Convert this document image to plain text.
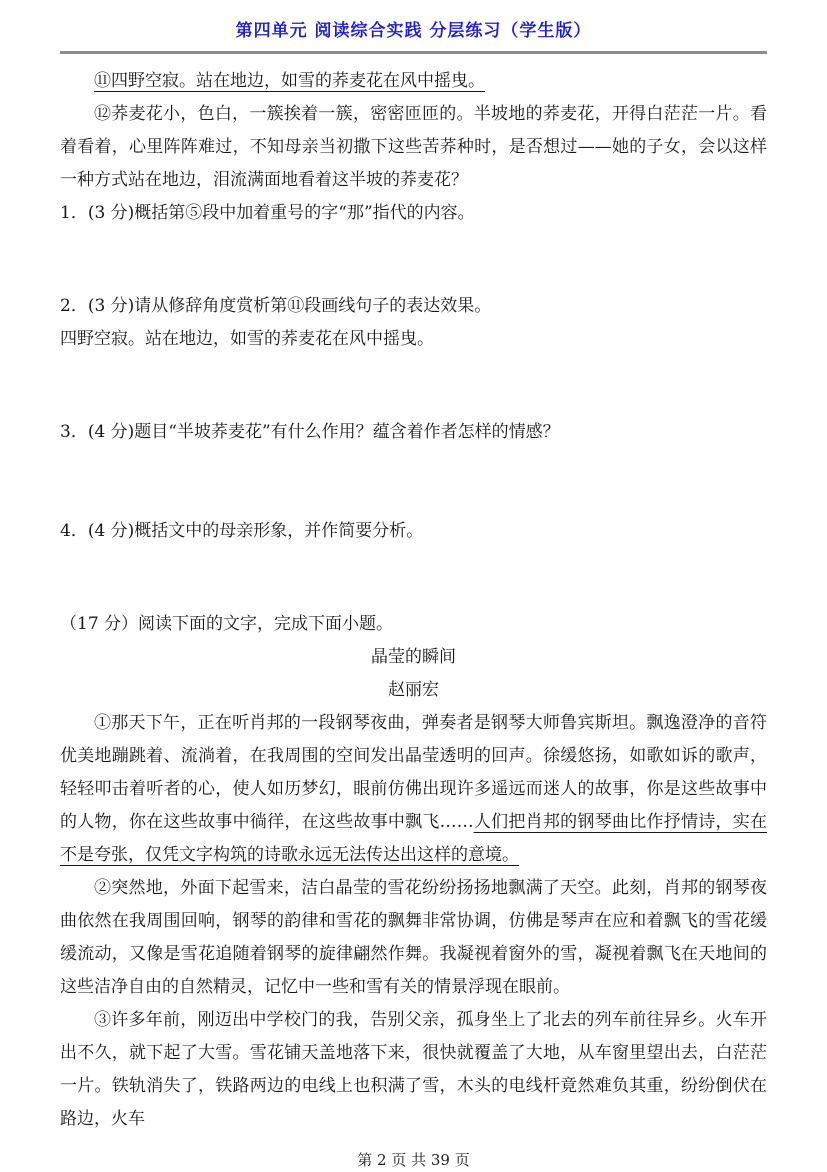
第四单元 阅读综合实践 分层练习（学生版）

⑪四野空寂。站在地边，如雪的荞麦花在风中摇曳。

⑫荞麦花小，色白，一簇挨着一簇，密密匝匝的。半坡地的荞麦花，开得白茫茫一片。看着看着，心里阵阵难过，不知母亲当初撒下这些苦荞种时，是否想过——她的子女，会以这样一种方式站在地边，泪流满面地看着这半坡的荞麦花？

1．(3 分)概括第⑤段中加着重号的字“那”指代的内容。

2．(3 分)请从修辞角度赏析第⑪段画线句子的表达效果。

四野空寂。站在地边，如雪的荞麦花在风中摇曳。

3．(4 分)题目“半坡荞麦花”有什么作用？蕴含着作者怎样的情感？

4．(4 分)概括文中的母亲形象，并作简要分析。

（17 分）阅读下面的文字，完成下面小题。

晶莹的瞬间

赵丽宏

①那天下午，正在听肖邦的一段钢琴夜曲，弹奏者是钢琴大师鲁宾斯坦。飘逸澄净的音符优美地蹦跳着、流淌着，在我周围的空间发出晶莹透明的回声。徐缓悠扬，如歌如诉的歌声，轻轻叩击着听者的心，使人如历梦幻，眼前仿佛出现许多遥远而迷人的故事，你是这些故事中的人物，你在这些故事中徜徉，在这些故事中飘飞……人们把肖邦的钢琴曲比作抒情诗，实在不是夸张，仅凭文字构筑的诗歌永远无法传达出这样的意境。

②突然地，外面下起雪来，洁白晶莹的雪花纷纷扬扬地飘满了天空。此刻，肖邦的钢琴夜曲依然在我周围回响，钢琴的韵律和雪花的飘舞非常协调，仿佛是琴声在应和着飘飞的雪花缓缓流动，又像是雪花追随着钢琴的旋律翩然作舞。我凝视着窗外的雪，凝视着飘飞在天地间的这些洁净自由的自然精灵，记忆中一些和雪有关的情景浮现在眼前。

③许多年前，刚迈出中学校门的我，告别父亲，孤身坐上了北去的列车前往异乡。火车开出不久，就下起了大雪。雪花铺天盖地落下来，很快就覆盖了大地，从车窗里望出去，白茫茫一片。铁轨消失了，铁路两边的电线上也积满了雪，木头的电线杆竟然难负其重，纷纷倒伏在路边，火车

第 2 页 共 39 页
